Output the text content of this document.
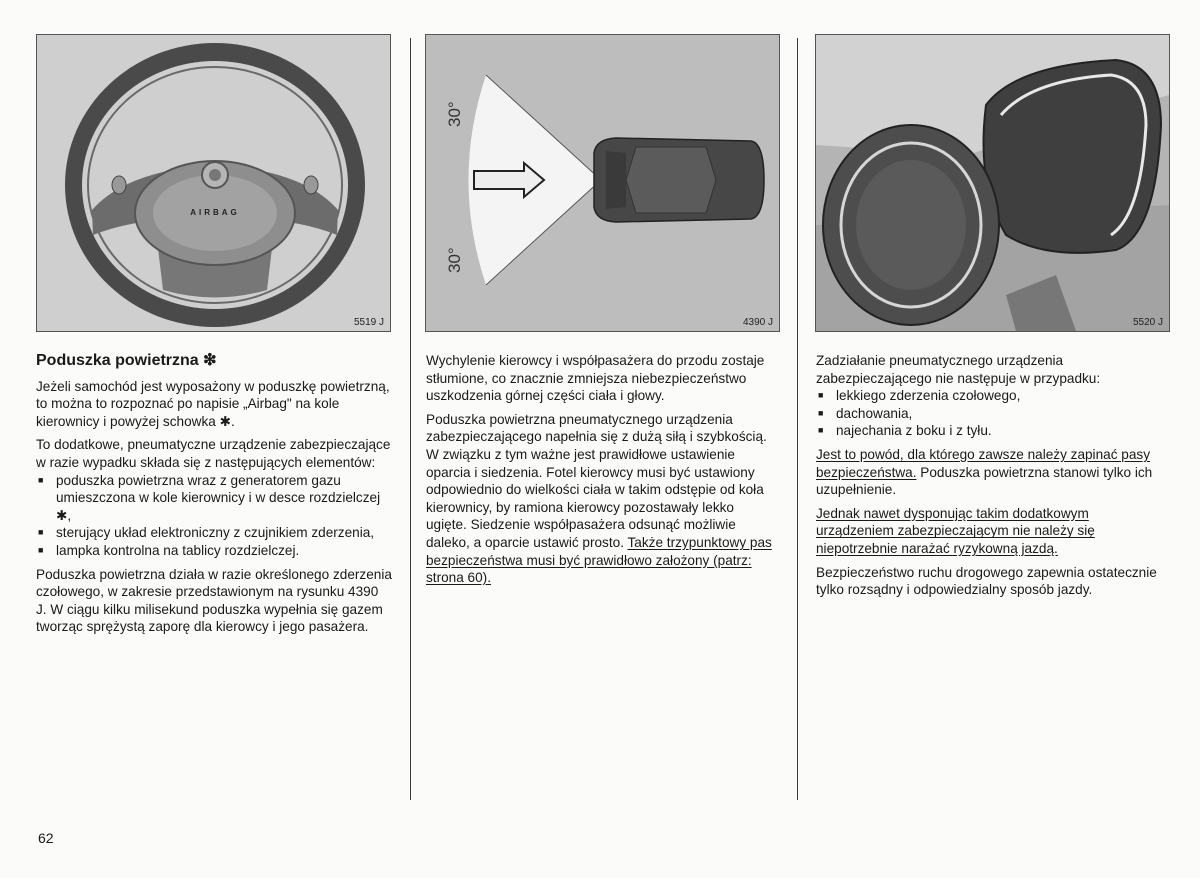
AIRBAG
5519 J
30°
30°
4390 J	5520 J
Poduszka powietrzna ❇

Jeżeli samochód jest wyposażony w poduszkę powietrzną, to można to rozpoznać po napisie „Airbag" na kole kierownicy i powyżej schowka ✱.

To dodatkowe, pneumatyczne urządzenie zabezpieczające w razie wypadku składa się z następujących elementów:

■ poduszka powietrzna wraz z generatorem gazu umieszczona w kole kierownicy i w desce rozdzielczej ✱,
■ sterujący układ elektroniczny z czujnikiem zderzenia,
■ lampka kontrolna na tablicy rozdzielczej.

Poduszka powietrzna działa w razie określonego zderzenia czołowego, w zakresie przedstawionym na rysunku 4390 J. W ciągu kilku milisekund poduszka wypełnia się gazem tworząc sprężystą zaporę dla kierowcy i jego pasażera.

Wychylenie kierowcy i współpasażera do przodu zostaje stłumione, co znacznie zmniejsza niebezpieczeństwo uszkodzenia górnej części ciała i głowy.

Poduszka powietrzna pneumatycznego urządzenia zabezpieczającego napełnia się z dużą siłą i szybkością. W związku z tym ważne jest prawidłowe ustawienie oparcia i siedzenia. Fotel kierowcy musi być ustawiony odpowiednio do wielkości ciała w takim odstępie od koła kierownicy, by ramiona kierowcy pozostawały lekko ugięte. Siedzenie współpasażera odsunąć możliwie daleko, a oparcie ustawić prosto. Także trzypunktowy pas bezpieczeństwa musi być prawidłowo założony (patrz: strona 60).

Zadziałanie pneumatycznego urządzenia zabezpieczającego nie następuje w przypadku:

■ lekkiego zderzenia czołowego,
■ dachowania,
■ najechania z boku i z tyłu.

Jest to powód, dla którego zawsze należy zapinać pasy bezpieczeństwa. Poduszka powietrzna stanowi tylko ich uzupełnienie.

Jednak nawet dysponując takim dodatkowym urządzeniem zabezpieczającym nie należy się niepotrzebnie narażać ryzykowną jazdą.

Bezpieczeństwo ruchu drogowego zapewnia ostatecznie tylko rozsądny i odpowiedzialny sposób jazdy.

62
